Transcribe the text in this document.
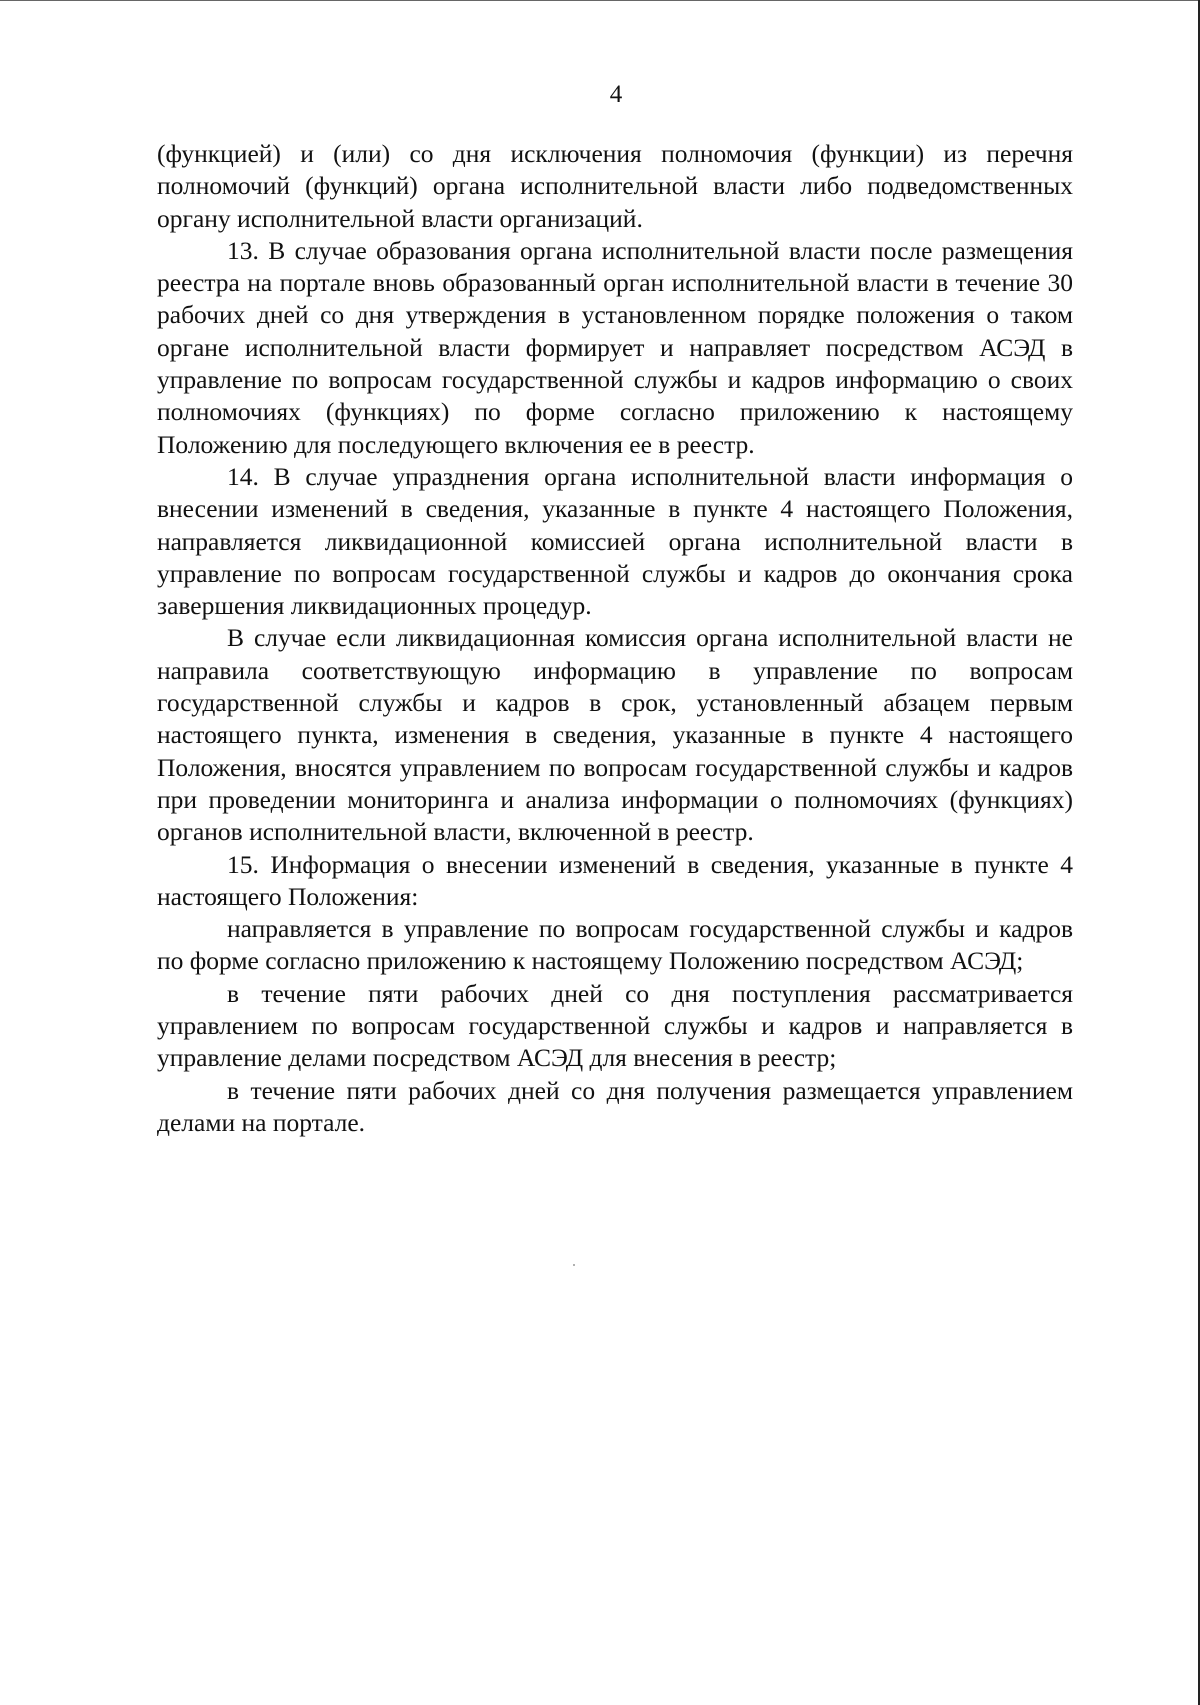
4

(функцией) и (или) со дня исключения полномочия (функции) из перечня полномочий (функций) органа исполнительной власти либо подведомственных органу исполнительной власти организаций.

13. В случае образования органа исполнительной власти после размещения реестра на портале вновь образованный орган исполнительной власти в течение 30 рабочих дней со дня утверждения в установленном порядке положения о таком органе исполнительной власти формирует и направляет посредством АСЭД в управление по вопросам государственной службы и кадров информацию о своих полномочиях (функциях) по форме согласно приложению к настоящему Положению для последующего включения ее в реестр.

14. В случае упразднения органа исполнительной власти информация о внесении изменений в сведения, указанные в пункте 4 настоящего Положения, направляется ликвидационной комиссией органа исполнительной власти в управление по вопросам государственной службы и кадров до окончания срока завершения ликвидационных процедур.

В случае если ликвидационная комиссия органа исполнительной власти не направила соответствующую информацию в управление по вопросам государственной службы и кадров в срок, установленный абзацем первым настоящего пункта, изменения в сведения, указанные в пункте 4 настоящего Положения, вносятся управлением по вопросам государственной службы и кадров при проведении мониторинга и анализа информации о полномочиях (функциях) органов исполнительной власти, включенной в реестр.

15. Информация о внесении изменений в сведения, указанные в пункте 4 настоящего Положения:

направляется в управление по вопросам государственной службы и кадров по форме согласно приложению к настоящему Положению посредством АСЭД;

в течение пяти рабочих дней со дня поступления рассматривается управлением по вопросам государственной службы и кадров и направляется в управление делами посредством АСЭД для внесения в реестр;

в течение пяти рабочих дней со дня получения размещается управлением делами на портале.
